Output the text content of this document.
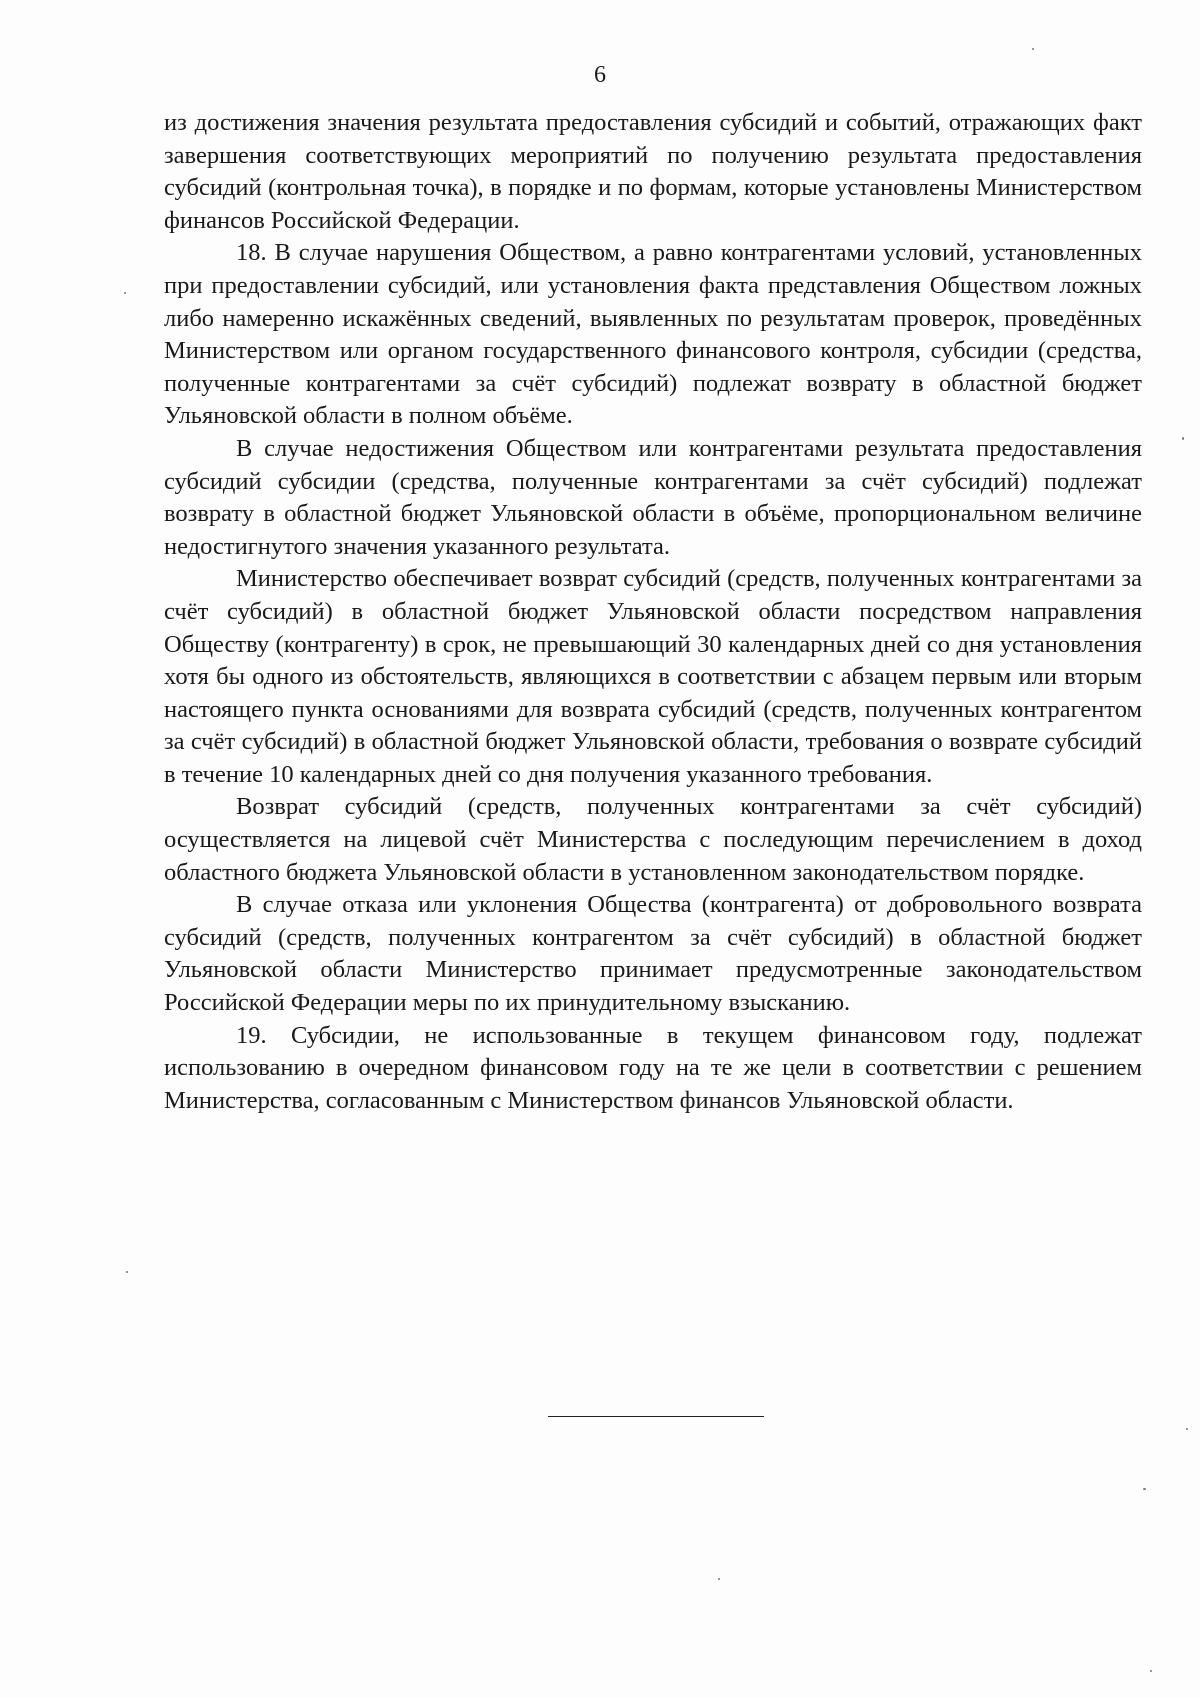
6

из достижения значения результата предоставления субсидий и событий, отражающих факт завершения соответствующих мероприятий по получению результата предоставления субсидий (контрольная точка), в порядке и по формам, которые установлены Министерством финансов Российской Федерации.

18. В случае нарушения Обществом, а равно контрагентами условий, установленных при предоставлении субсидий, или установления факта представления Обществом ложных либо намеренно искажённых сведений, выявленных по результатам проверок, проведённых Министерством или органом государственного финансового контроля, субсидии (средства, полученные контрагентами за счёт субсидий) подлежат возврату в областной бюджет Ульяновской области в полном объёме.

В случае недостижения Обществом или контрагентами результата предоставления субсидий субсидии (средства, полученные контрагентами за счёт субсидий) подлежат возврату в областной бюджет Ульяновской области в объёме, пропорциональном величине недостигнутого значения указанного результата.

Министерство обеспечивает возврат субсидий (средств, полученных контрагентами за счёт субсидий) в областной бюджет Ульяновской области посредством направления Обществу (контрагенту) в срок, не превышающий 30 календарных дней со дня установления хотя бы одного из обстоятельств, являющихся в соответствии с абзацем первым или вторым настоящего пункта основаниями для возврата субсидий (средств, полученных контрагентом за счёт субсидий) в областной бюджет Ульяновской области, требования о возврате субсидий в течение 10 календарных дней со дня получения указанного требования.

Возврат субсидий (средств, полученных контрагентами за счёт субсидий) осуществляется на лицевой счёт Министерства с последующим перечислением в доход областного бюджета Ульяновской области в установленном законодательством порядке.

В случае отказа или уклонения Общества (контрагента) от добровольного возврата субсидий (средств, полученных контрагентом за счёт субсидий) в областной бюджет Ульяновской области Министерство принимает предусмотренные законодательством Российской Федерации меры по их принудительному взысканию.

19. Субсидии, не использованные в текущем финансовом году, подлежат использованию в очередном финансовом году на те же цели в соответствии с решением Министерства, согласованным с Министерством финансов Ульяновской области.
